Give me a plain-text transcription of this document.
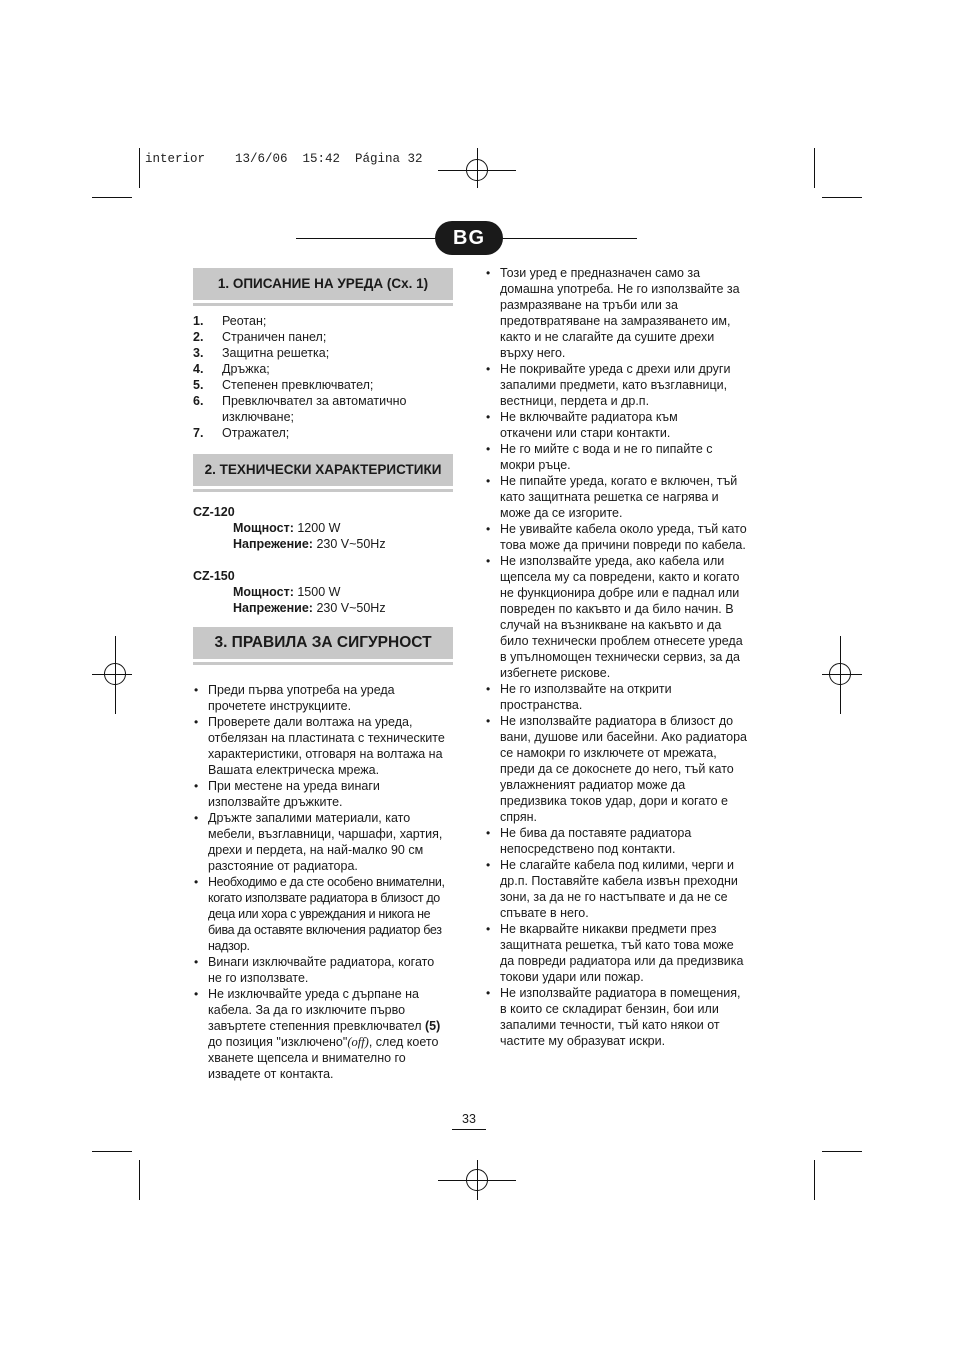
interior    13/6/06  15:42  Página 32
BG
1. ОПИСАНИЕ НА УРЕДА (Сх. 1)
1. Реотан;
2. Страничен панел;
3. Защитна решетка;
4. Дръжка;
5. Степенен превключвател;
6. Превключвател за автоматично изключване;
7. Отражател;
2. ТЕХНИЧЕСКИ ХАРАКТЕРИСТИКИ
CZ-120
Мощност: 1200 W
Напрежение: 230 V~50Hz
CZ-150
Мощност: 1500 W
Напрежение: 230 V~50Hz
3. ПРАВИЛА ЗА СИГУРНОСТ
• Преди първа употреба на уреда прочетете инструкциите.
• Проверете дали волтажа на уреда, отбелязан на пластината с техническите характеристики, отговаря на волтажа на Вашата електрическа мрежа.
• При местене на уреда винаги използвайте дръжките.
• Дръжте запалими материали, като мебели, възглавници, чаршафи, хартия, дрехи и пердета, на най-малко 90 см разстояние от радиатора.
• Необходимо е да сте особено внимателни, когато използвате радиатора в близост до деца или хора с увреждания и никога не бива да оставяте включения радиатор без надзор.
• Винаги изключвайте радиатора, когато не го използвате.
• Не изключвайте уреда с дърпане на кабела. За да го изключите първо завъртете степенния превключвател (5) до позиция "изключено"(off), след което хванете щепсела и внимателно го извадете от контакта.
• Този уред е предназначен само за домашна употреба. Не го използвайте за размразяване на тръби или за предотвратяване на замразяването им, както и не слагайте да сушите дрехи върху него.
• Не покривайте уреда с дрехи или други запалими предмети, като възглавници, вестници, пердета и др.п.
• Не включвайте радиатора към откачени или стари контакти.
• Не го мийте с вода и не го пипайте с мокри ръце.
• Не пипайте уреда, когато е включен, тъй като защитната решетка се нагрява и може да се изгорите.
• Не увивайте кабела около уреда, тъй като това може да причини повреди по кабела.
• Не използвайте уреда, ако кабела или щепсела му са повредени, както и когато не функционира добре или е паднал или повреден по какъвто и да било начин. В случай на възникване на какъвто и да било технически проблем отнесете уреда в упълномощен технически сервиз, за да избегнете рискове.
• Не го използвайте на открити пространства.
• Не използвайте радиатора в близост до вани, душове или басейни. Ако радиатора се намокри го изключете от мрежата, преди да се докоснете до него, тъй като увлажненият радиатор може да предизвика токов удар, дори и когато е спрян.
• Не бива да поставяте радиатора непосредствено под контакти.
• Не слагайте кабела под килими, черги и др.п. Поставяйте кабела извън преходни зони, за да не го настъпвате и да не се спъвате в него.
• Не вкарвайте никакви предмети през защитната решетка, тъй като това може да повреди радиатора или да предизвика токови удари или пожар.
• Не използвайте радиатора в помещения, в които се складират бензин, бои или запалими течности, тъй като някои от частите му образуват искри.
33
